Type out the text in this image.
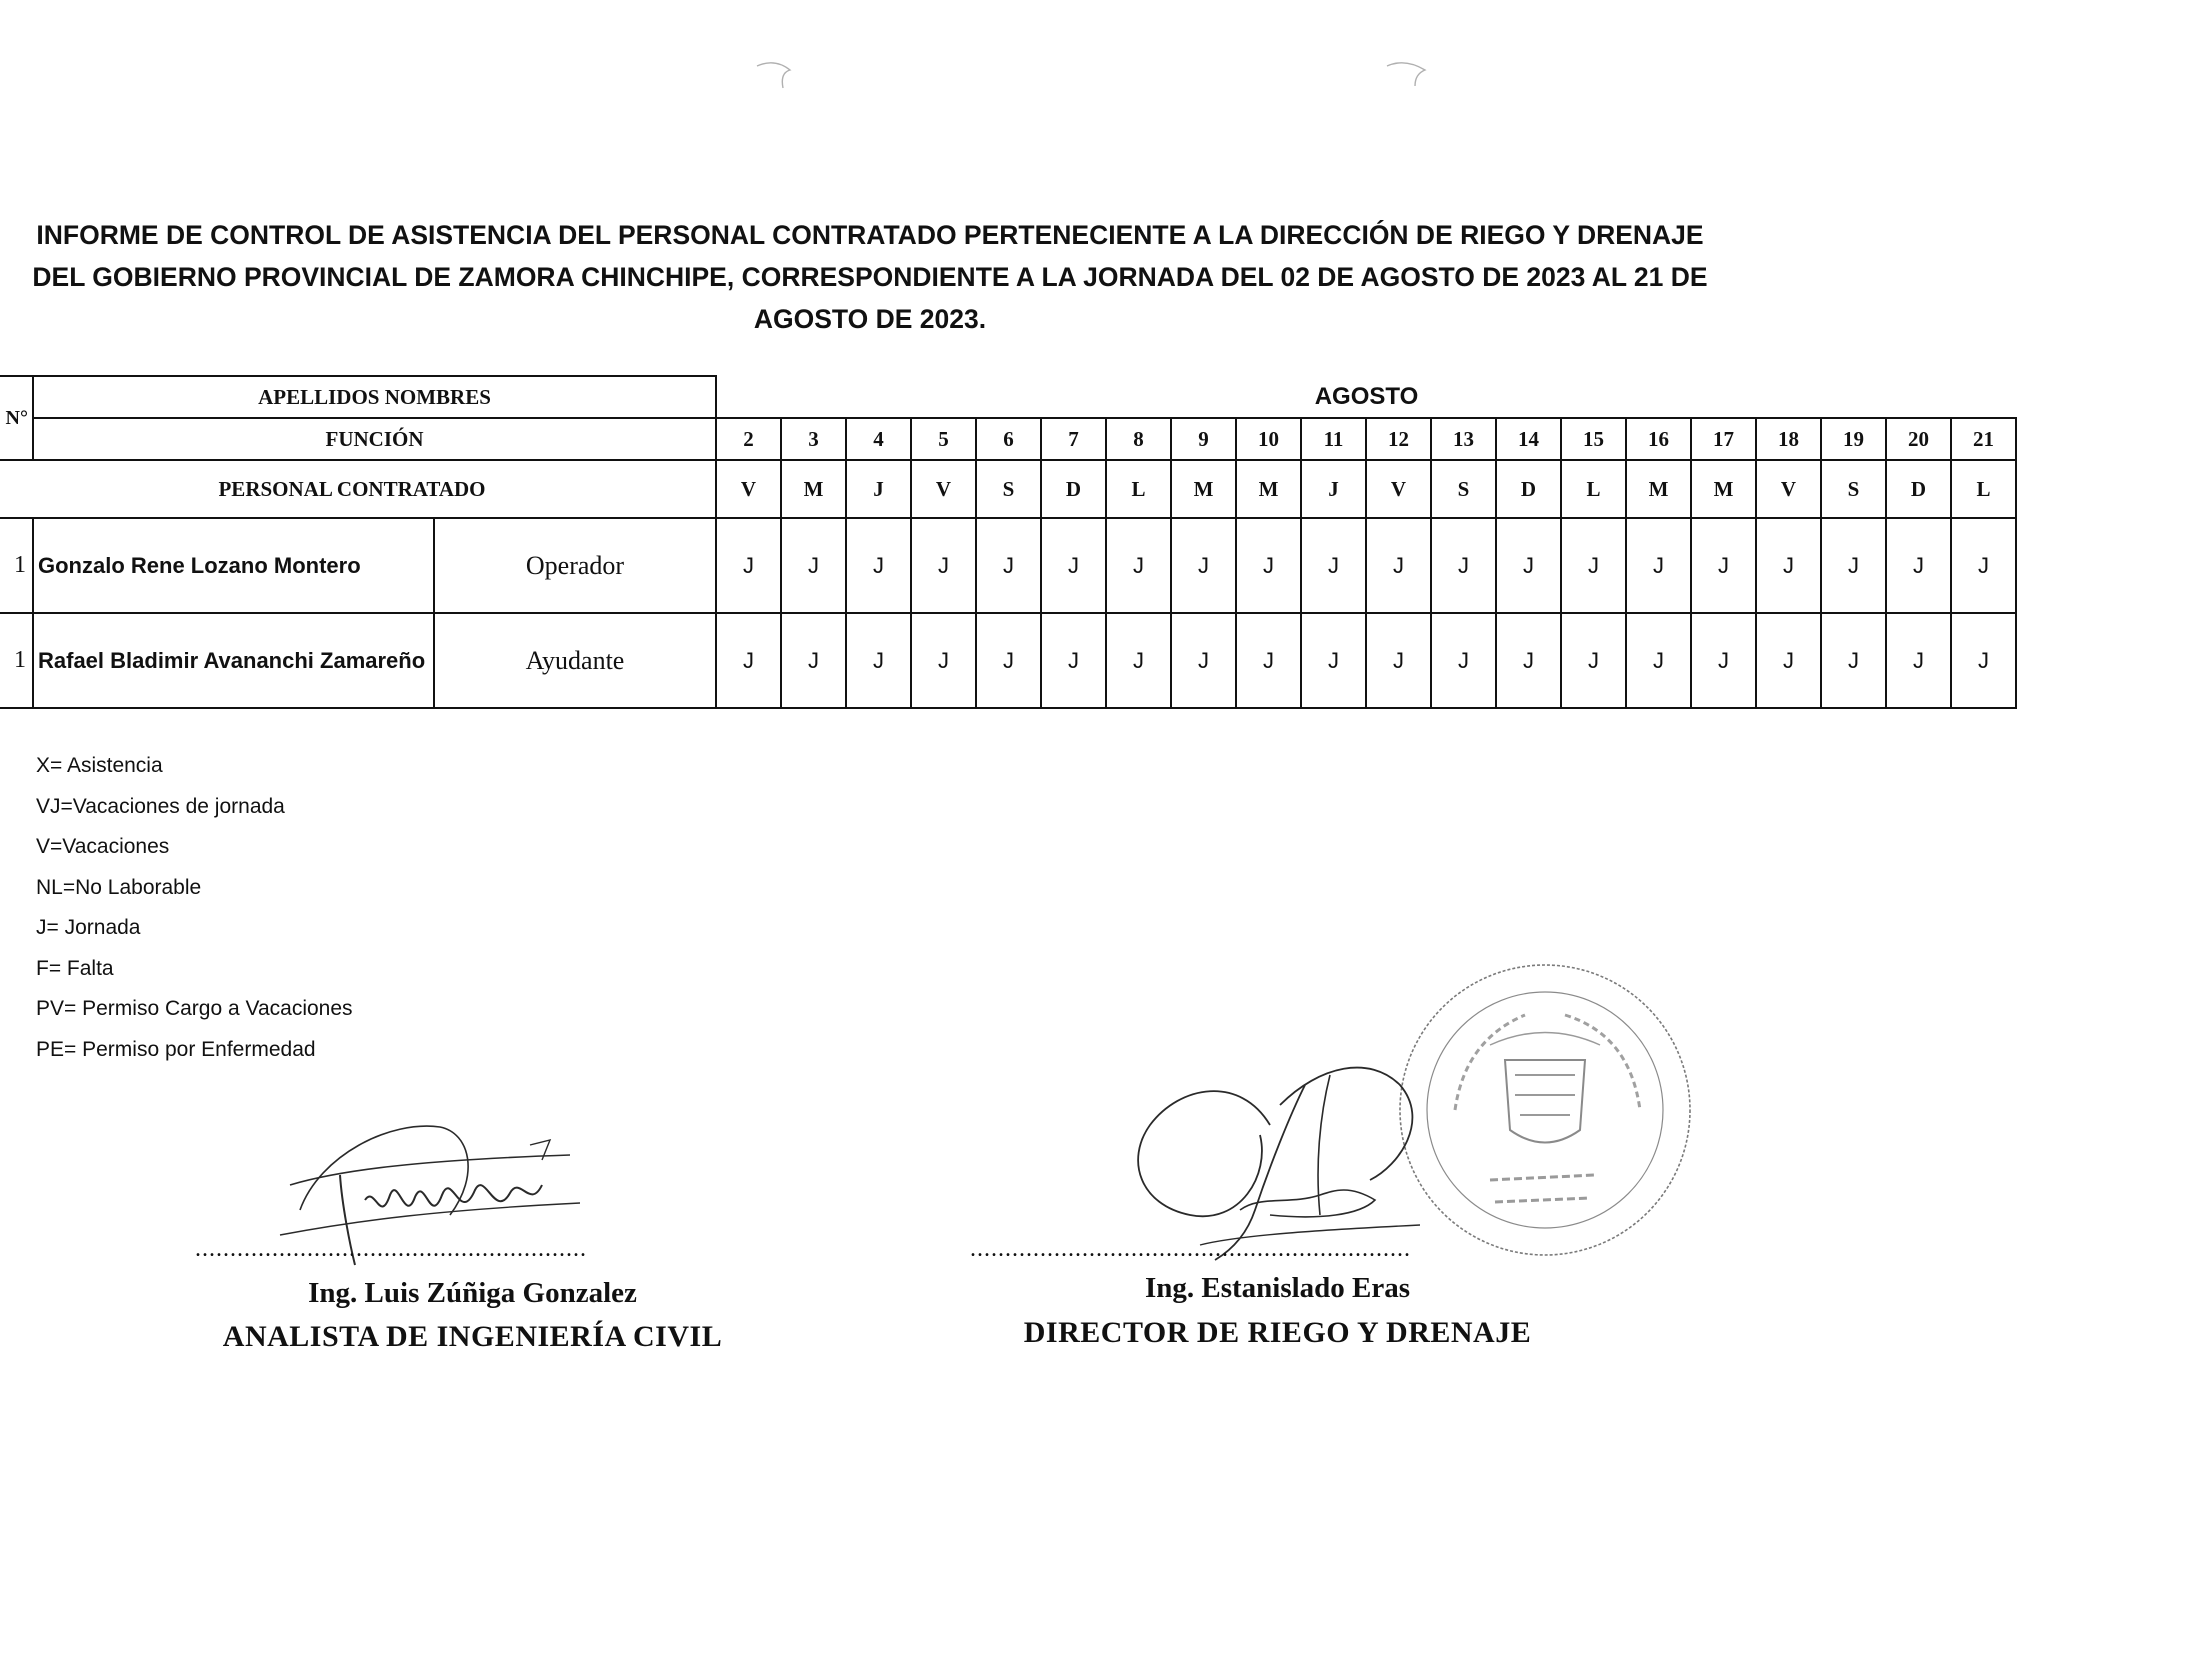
INFORME DE CONTROL DE ASISTENCIA DEL PERSONAL CONTRATADO PERTENECIENTE A LA DIRECCIÓN DE RIEGO Y DRENAJE
DEL GOBIERNO PROVINCIAL DE ZAMORA CHINCHIPE, CORRESPONDIENTE A LA JORNADA DEL 02 DE AGOSTO DE 2023 AL 21 DE
AGOSTO DE 2023.
N°	APELLIDOS NOMBRES		AGOSTO																			
	FUNCIÓN		2	3	4	5	6	7	8	9	10	11	12	13	14	15	16	17	18	19	20	21
PERSONAL CONTRATADO			V	M	J	V	S	D	L	M	M	J	V	S	D	L	M	M	V	S	D	L
1	Gonzalo Rene Lozano Montero	Operador	J	J	J	J	J	J	J	J	J	J	J	J	J	J	J	J	J	J	J	J
1	Rafael Bladimir Avananchi Zamareño	Ayudante	J	J	J	J	J	J	J	J	J	J	J	J	J	J	J	J	J	J	J	J
X= Asistencia
VJ=Vacaciones de jornada
V=Vacaciones
NL=No Laborable
J= Jornada
F= Falta
PV= Permiso Cargo a Vacaciones
PE= Permiso por Enfermedad
........................................................
Ing. Luis Zúñiga Gonzalez
ANALISTA DE INGENIERÍA CIVIL
...............................................................
Ing. Estanislado Eras
DIRECTOR DE RIEGO Y DRENAJE
